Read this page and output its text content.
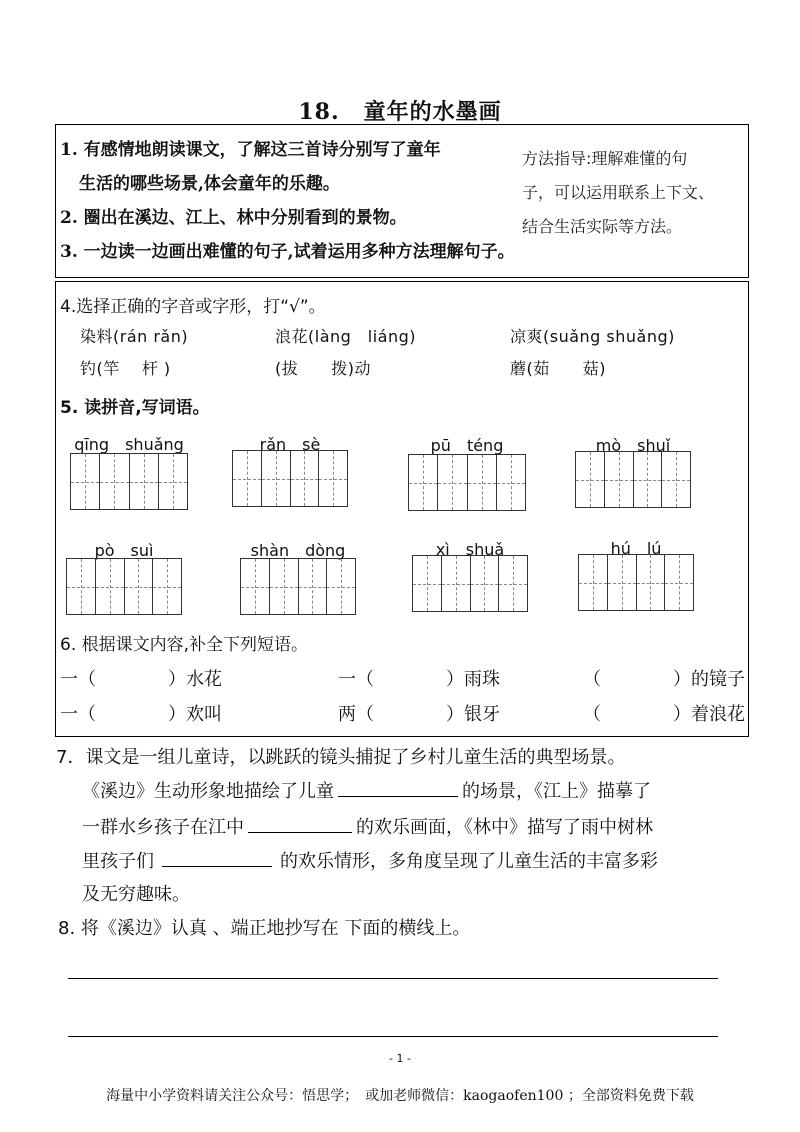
18. 童年的水墨画
1. 有感情地朗读课文，了解这三首诗分别写了童年
生活的哪些场景,体会童年的乐趣。
2. 圈出在溪边、江上、林中分别看到的景物。
3. 一边读一边画出难懂的句子,试着运用多种方法理解句子。
方法指导:理解难懂的句
子，可以运用联系上下文、
结合生活实际等方法。
4.选择正确的字音或字形，打“√”。
染料(rán rǎn)	浪花(làng　liáng)	凉爽(suǎng shuǎng)
钓(竿　 杆 )	(拔　　拨)动	蘑(茹　　菇)
5. 读拼音,写词语。
qīng　shuǎng	rǎn　sè	pū　téng	mò　shuǐ
pò　suì	shàn　dòng	xì　shuǎ	hú　lú
6. 根据课文内容,补全下列短语。
一（　　　　）水花	一（　　　　）雨珠	（　　　　）的镜子
一（　　　　）欢叫	两（　　　　）银牙	（　　　　）着浪花
7．课文是一组儿童诗，以跳跃的镜头捕捉了乡村儿童生活的典型场景。
《溪边》生动形象地描绘了儿童	的场景，《江上》描摹了
一群水乡孩子在江中	的欢乐画面，《林中》描写了雨中树林
里孩子们	的欢乐情形，多角度呈现了儿童生活的丰富多彩
及无穷趣味。
8. 将《溪边》认真 、端正地抄写在 下面的横线上。
- 1 -
海量中小学资料请关注公众号：悟思学；　或加老师微信：kaogaofen100 ；全部资料免费下载
